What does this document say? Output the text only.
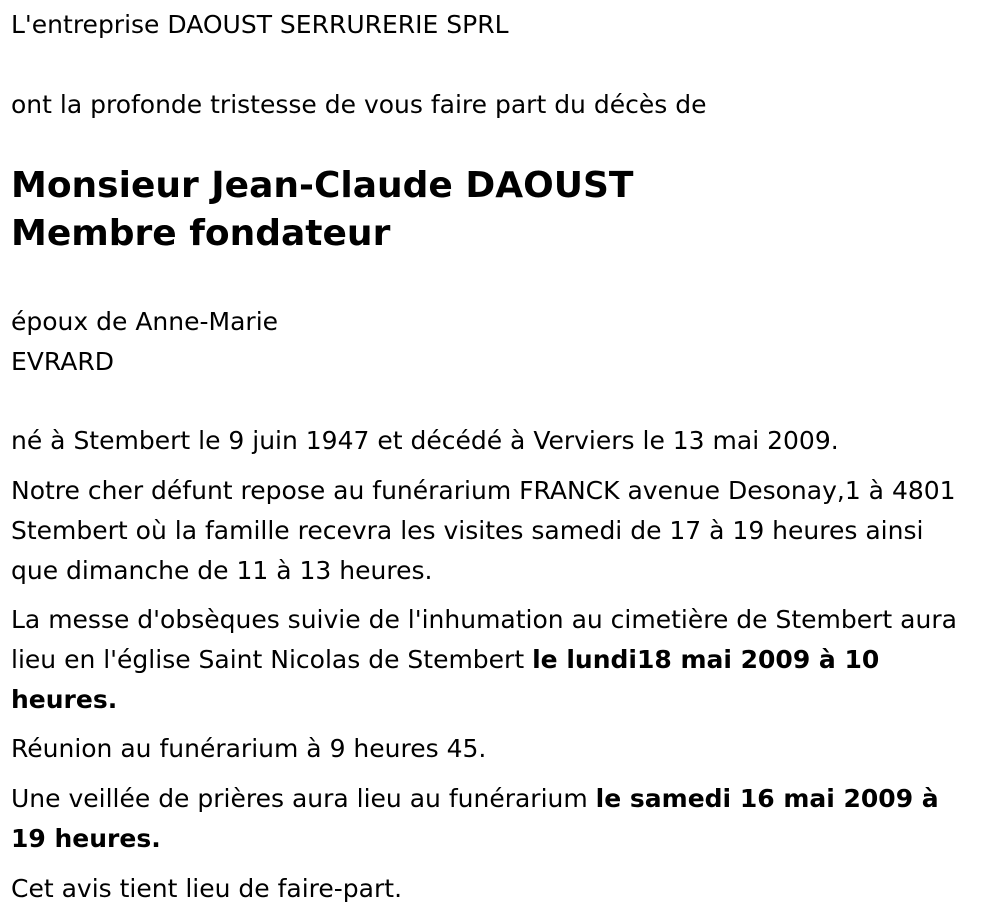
L'entreprise DAOUST SERRURERIE SPRL
ont la profonde tristesse de vous faire part du décès de
Monsieur Jean-Claude DAOUST
Membre fondateur
époux de Anne-Marie
EVRARD
né à Stembert le 9 juin 1947 et décédé à Verviers le 13 mai 2009.
Notre cher défunt repose au funérarium FRANCK avenue Desonay,1 à 4801 Stembert où la famille recevra les visites samedi de 17 à 19 heures ainsi que dimanche de 11 à 13 heures.
La messe d'obsèques suivie de l'inhumation au cimetière de Stembert aura lieu en l'église Saint Nicolas de Stembert le lundi18 mai 2009 à 10 heures.
Réunion au funérarium à 9 heures 45.
Une veillée de prières aura lieu au funérarium le samedi 16 mai 2009 à 19 heures.
Cet avis tient lieu de faire-part.
